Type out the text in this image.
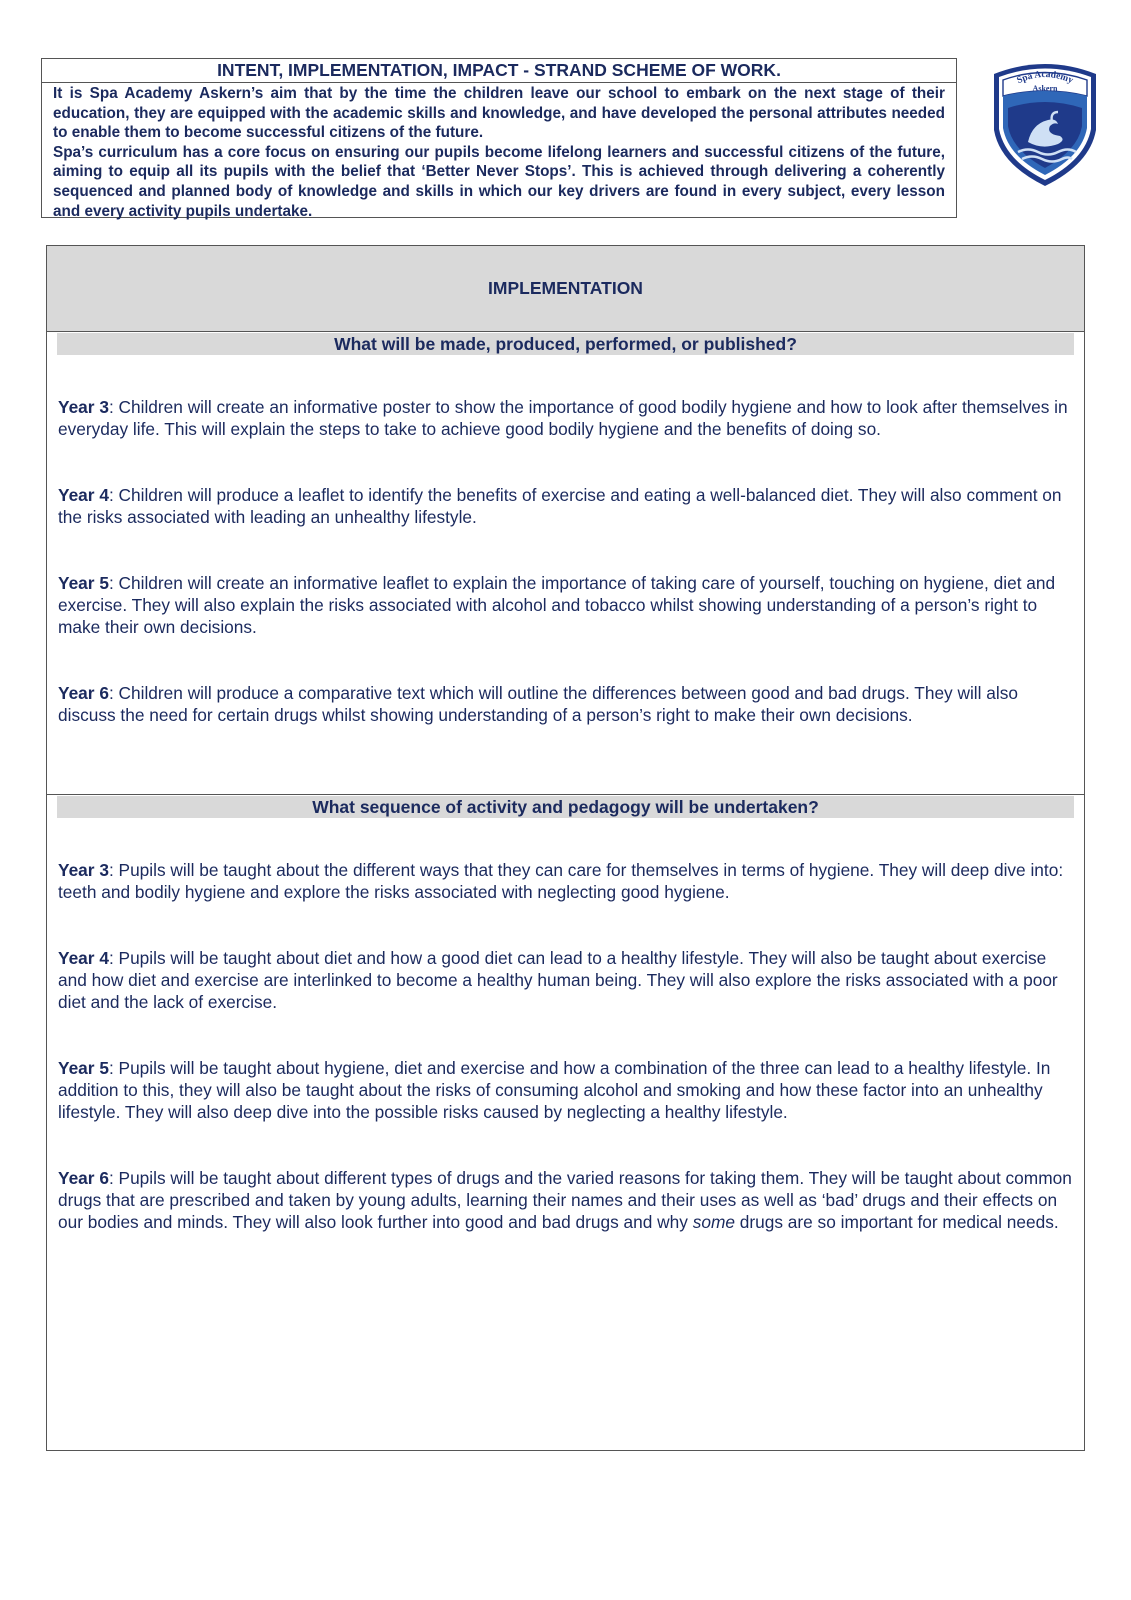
INTENT, IMPLEMENTATION, IMPACT - STRAND SCHEME OF WORK.

It is Spa Academy Askern’s aim that by the time the children leave our school to embark on the next stage of their education, they are equipped with the academic skills and knowledge, and have developed the personal attributes needed to enable them to become successful citizens of the future.

Spa’s curriculum has a core focus on ensuring our pupils become lifelong learners and successful citizens of the future, aiming to equip all its pupils with the belief that ‘Better Never Stops’. This is achieved through delivering a coherently sequenced and planned body of knowledge and skills in which our key drivers are found in every subject, every lesson and every activity pupils undertake.

Spa Academy
Askern
IMPLEMENTATION
What will be made, produced, performed, or published?

Year 3: Children will create an informative poster to show the importance of good bodily hygiene and how to look after themselves in everyday life. This will explain the steps to take to achieve good bodily hygiene and the benefits of doing so.

Year 4: Children will produce a leaflet to identify the benefits of exercise and eating a well-balanced diet. They will also comment on the risks associated with leading an unhealthy lifestyle.

Year 5: Children will create an informative leaflet to explain the importance of taking care of yourself, touching on hygiene, diet and exercise. They will also explain the risks associated with alcohol and tobacco whilst showing understanding of a person’s right to make their own decisions.

Year 6: Children will produce a comparative text which will outline the differences between good and bad drugs. They will also discuss the need for certain drugs whilst showing understanding of a person’s right to make their own decisions.

What sequence of activity and pedagogy will be undertaken?

Year 3: Pupils will be taught about the different ways that they can care for themselves in terms of hygiene. They will deep dive into: teeth and bodily hygiene and explore the risks associated with neglecting good hygiene.

Year 4: Pupils will be taught about diet and how a good diet can lead to a healthy lifestyle. They will also be taught about exercise and how diet and exercise are interlinked to become a healthy human being. They will also explore the risks associated with a poor diet and the lack of exercise.

Year 5: Pupils will be taught about hygiene, diet and exercise and how a combination of the three can lead to a healthy lifestyle. In addition to this, they will also be taught about the risks of consuming alcohol and smoking and how these factor into an unhealthy lifestyle. They will also deep dive into the possible risks caused by neglecting a healthy lifestyle.

Year 6: Pupils will be taught about different types of drugs and the varied reasons for taking them. They will be taught about common drugs that are prescribed and taken by young adults, learning their names and their uses as well as ‘bad’ drugs and their effects on our bodies and minds. They will also look further into good and bad drugs and why some drugs are so important for medical needs.
